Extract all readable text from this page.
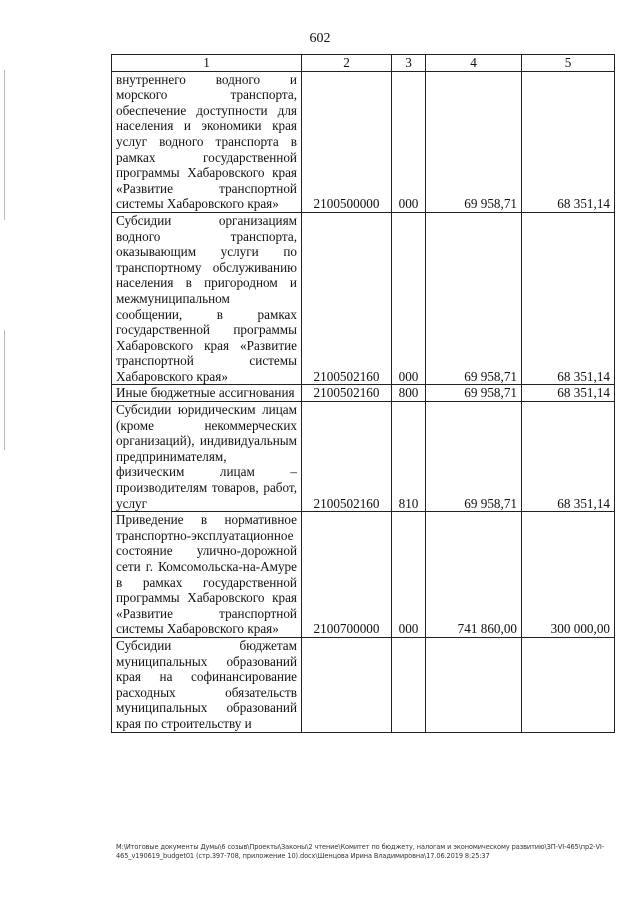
602
1	2	3	4	5
внутреннего водного и морского транспорта, обеспечение доступности для населения и экономики края услуг водного транспорта в рамках государственной программы Хабаровского края «Развитие транспортной системы Хабаровского края»	2100500000	000	69 958,71	68 351,14
Субсидии организациям водного транспорта, оказывающим услуги по транспортному обслуживанию населения в пригородном и межмуниципальном сообщении, в рамках государственной программы Хабаровского края «Развитие транспортной системы Хабаровского края»	2100502160	000	69 958,71	68 351,14
Иные бюджетные ассигнования	2100502160	800	69 958,71	68 351,14
Субсидии юридическим лицам (кроме некоммерческих организаций), индивидуальным предпринимателям, физическим лицам – производителям товаров, работ, услуг	2100502160	810	69 958,71	68 351,14
Приведение в нормативное транспортно-эксплуатационное состояние улично-дорожной сети г. Комсомольска-на-Амуре в рамках государственной программы Хабаровского края «Развитие транспортной системы Хабаровского края»	2100700000	000	741 860,00	300 000,00
Субсидии бюджетам муниципальных образований края на софинансирование расходных обязательств муниципальных образований края по строительству и				
M:\Итоговые документы Думы\6 созыв\Проекты\Законы\2 чтение\Комитет по бюджету, налогам и экономическому развитию\ЗП-VI-465\пр2-VI-465_v190619_budget01 (стр.397-708, приложение 10).docx\Шенцова Ирина Владимировна\17.06.2019 8:25:37
